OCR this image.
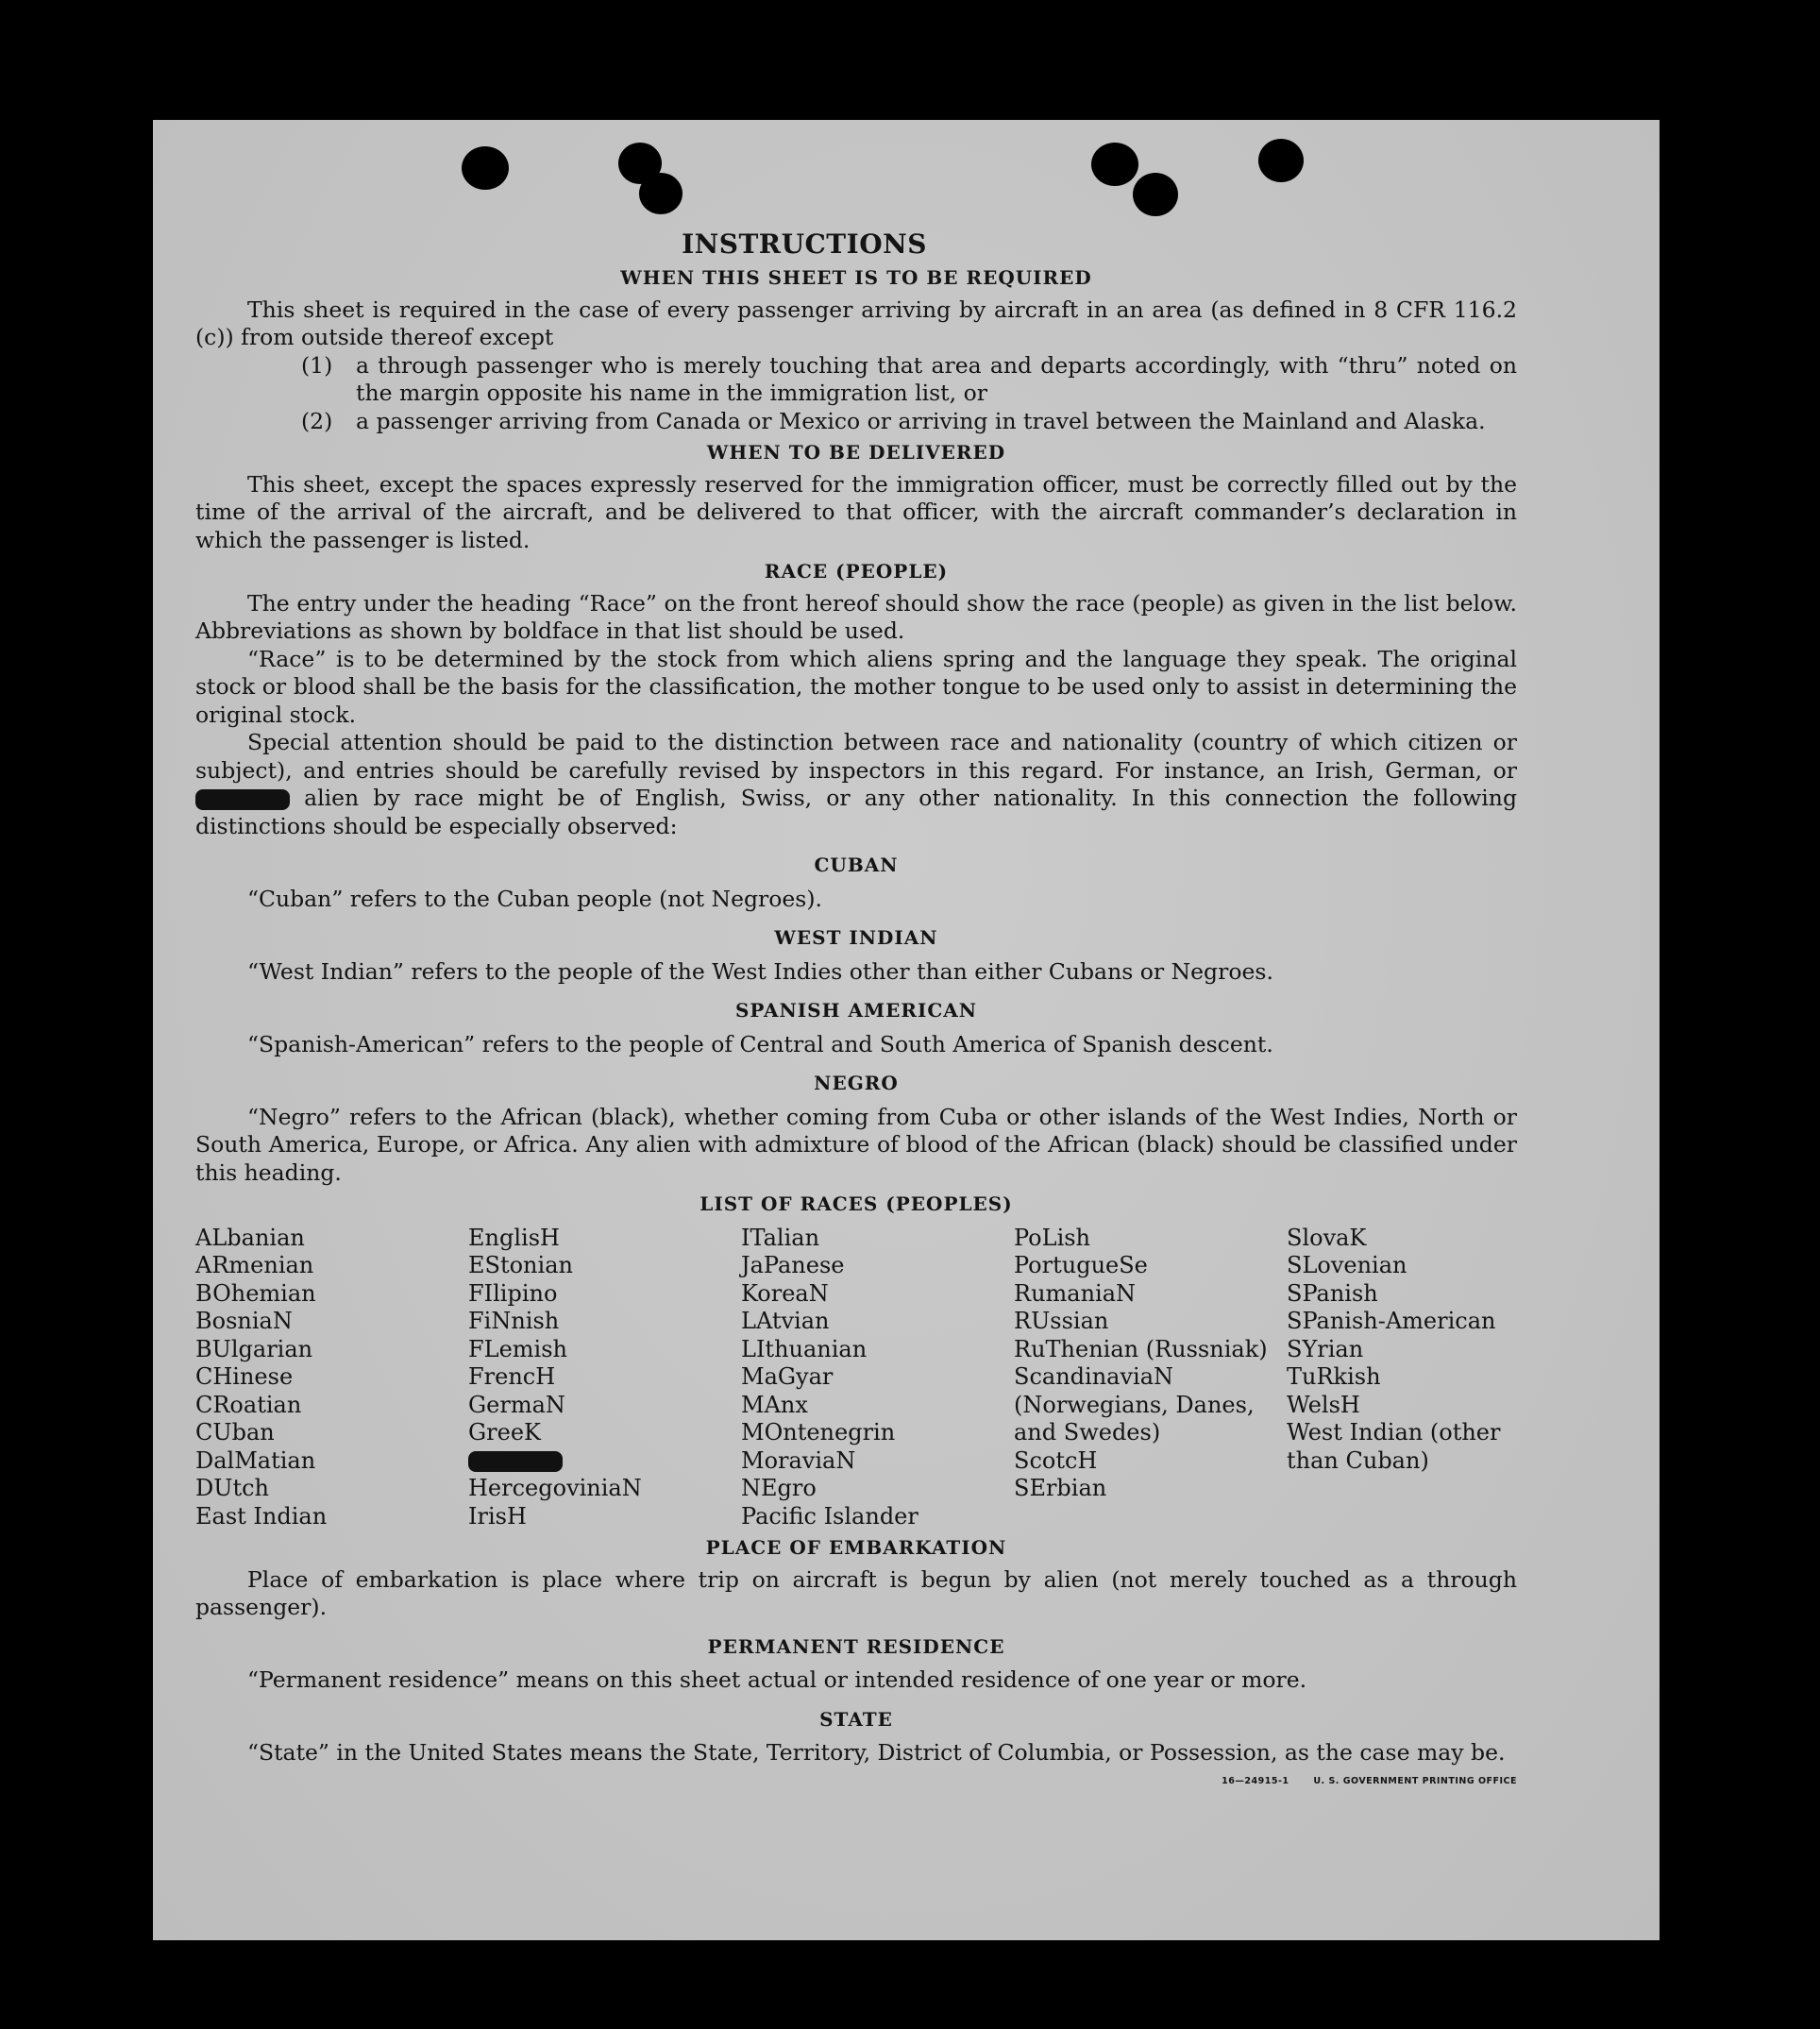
INSTRUCTIONS
WHEN THIS SHEET IS TO BE REQUIRED

This sheet is required in the case of every passenger arriving by aircraft in an area (as defined in 8 CFR 116.2 (c)) from outside thereof except

(1)	a through passenger who is merely touching that area and departs accordingly, with “thru” noted on the margin opposite his name in the immigration list, or
(2)	a passenger arriving from Canada or Mexico or arriving in travel between the Mainland and Alaska.
WHEN TO BE DELIVERED

This sheet, except the spaces expressly reserved for the immigration officer, must be correctly filled out by the time of the arrival of the aircraft, and be delivered to that officer, with the aircraft commander’s declaration in which the passenger is listed.

RACE (PEOPLE)

The entry under the heading “Race” on the front hereof should show the race (people) as given in the list below. Abbreviations as shown by boldface in that list should be used.

“Race” is to be determined by the stock from which aliens spring and the language they speak. The original stock or blood shall be the basis for the classification, the mother tongue to be used only to assist in determining the original stock.

Special attention should be paid to the distinction between race and nationality (country of which citizen or subject), and entries should be carefully revised by inspectors in this regard. For instance, an Irish, German, or  alien by race might be of English, Swiss, or any other nationality. In this connection the following distinctions should be especially observed:

CUBAN

“Cuban” refers to the Cuban people (not Negroes).

WEST INDIAN

“West Indian” refers to the people of the West Indies other than either Cubans or Negroes.

SPANISH AMERICAN

“Spanish-American” refers to the people of Central and South America of Spanish descent.

NEGRO

“Negro” refers to the African (black), whether coming from Cuba or other islands of the West Indies, North or South America, Europe, or Africa. Any alien with admixture of blood of the African (black) should be classified under this heading.

LIST OF RACES (PEOPLES)
ALbanian
ARmenian
BOhemian
BosniaN
BUlgarian
CHinese
CRoatian
CUban
DalMatian
DUtch
East Indian
EnglisH
EStonian
FIlipino
FiNnish
FLemish
FrencH
GermaN
GreeK
HercegoviniaN
IrisH
ITalian
JaPanese
KoreaN
LAtvian
LIthuanian
MaGyar
MAnx
MOntenegrin
MoraviaN
NEgro
Pacific Islander
PoLish
PortugueSe
RumaniaN
RUssian
RuThenian (Russniak)
ScandinaviaN (Norwegians, Danes, and Swedes)
ScotcH
SErbian
SlovaK
SLovenian
SPanish
SPanish-American
SYrian
TuRkish
WelsH
West Indian (other than Cuban)
PLACE OF EMBARKATION

Place of embarkation is place where trip on aircraft is begun by alien (not merely touched as a through passenger).

PERMANENT RESIDENCE

“Permanent residence” means on this sheet actual or intended residence of one year or more.

STATE

“State” in the United States means the State, Territory, District of Columbia, or Possession, as the case may be.

16—24915-1	U. S. GOVERNMENT PRINTING OFFICE
